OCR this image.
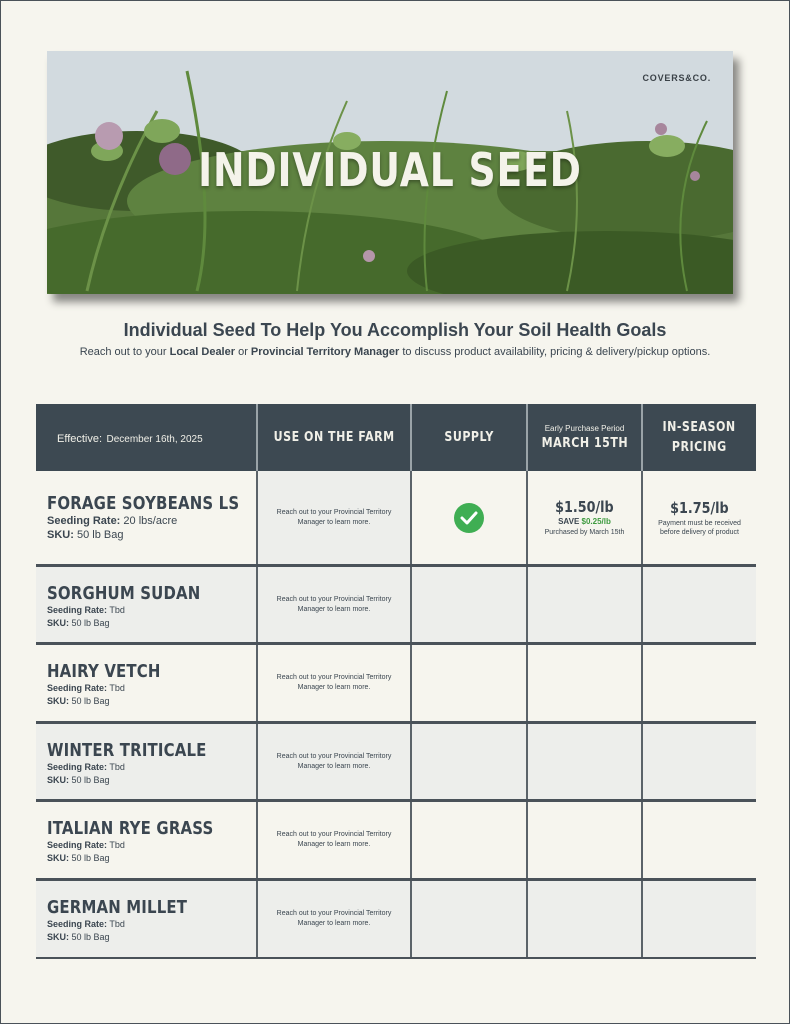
COVERS&CO.
INDIVIDUAL SEED
Individual Seed To Help You Accomplish Your Soil Health Goals
Reach out to your Local Dealer or Provincial Territory Manager to discuss product availability, pricing & delivery/pickup options.
Effective: December 16th, 2025	USE ON THE FARM	SUPPLY
Early Purchase Period
MARCH 15TH
IN-SEASON
PRICING
FORAGE SOYBEANS LS
Seeding Rate: 20 lbs/acre
SKU: 50 lb Bag
Reach out to your Provincial Territory Manager to learn more.
$1.50/lb
SAVE $0.25/lb
Purchased by March 15th
$1.75/lb
Payment must be received
before delivery of product
SORGHUM SUDAN
Seeding Rate: Tbd
SKU: 50 lb Bag
Reach out to your Provincial Territory Manager to learn more.
HAIRY VETCH
Seeding Rate: Tbd
SKU: 50 lb Bag
Reach out to your Provincial Territory Manager to learn more.
WINTER TRITICALE
Seeding Rate: Tbd
SKU: 50 lb Bag
Reach out to your Provincial Territory Manager to learn more.
ITALIAN RYE GRASS
Seeding Rate: Tbd
SKU: 50 lb Bag
Reach out to your Provincial Territory Manager to learn more.
GERMAN MILLET
Seeding Rate: Tbd
SKU: 50 lb Bag
Reach out to your Provincial Territory Manager to learn more.
